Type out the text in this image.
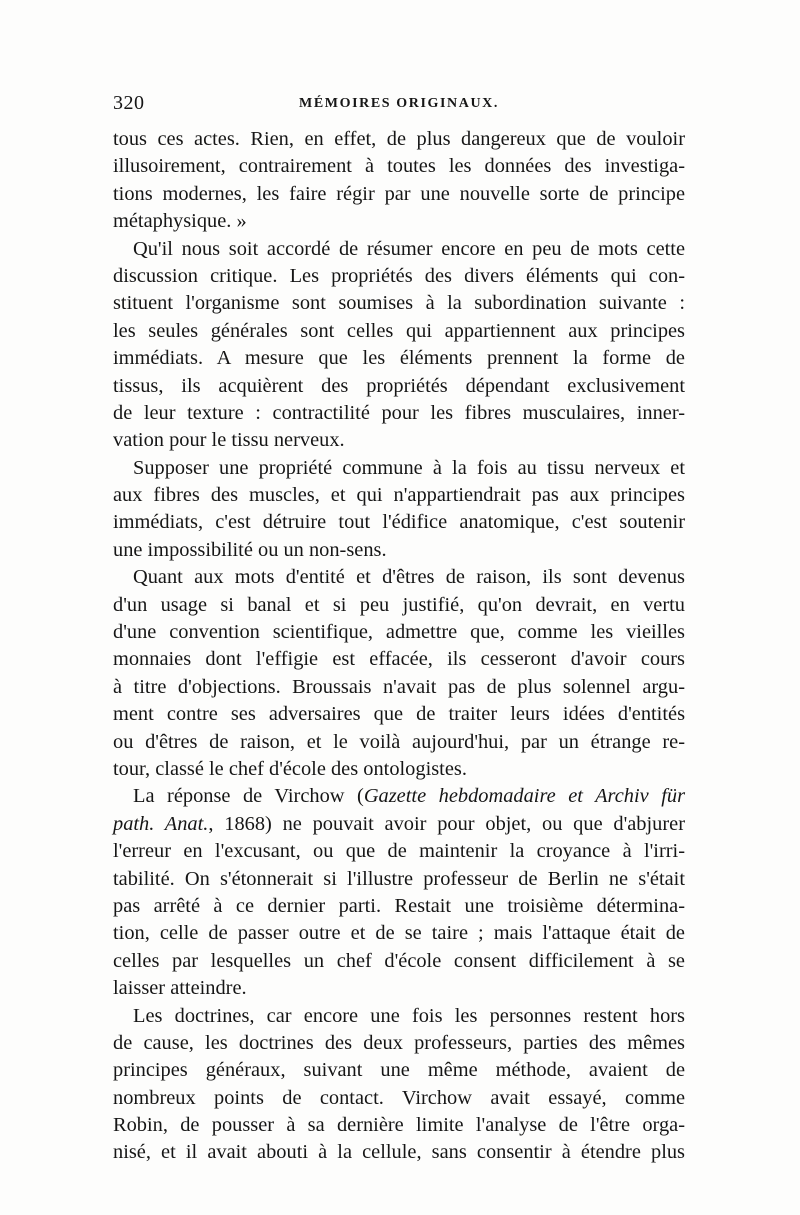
320	MÉMOIRES ORIGINAUX.
tous ces actes. Rien, en effet, de plus dangereux que de vouloir
illusoirement, contrairement à toutes les données des investiga-
tions modernes, les faire régir par une nouvelle sorte de principe
métaphysique. »
Qu'il nous soit accordé de résumer encore en peu de mots cette
discussion critique. Les propriétés des divers éléments qui con-
stituent l'organisme sont soumises à la subordination suivante :
les seules générales sont celles qui appartiennent aux principes
immédiats. A mesure que les éléments prennent la forme de
tissus, ils acquièrent des propriétés dépendant exclusivement
de leur texture : contractilité pour les fibres musculaires, inner-
vation pour le tissu nerveux.
Supposer une propriété commune à la fois au tissu nerveux et
aux fibres des muscles, et qui n'appartiendrait pas aux principes
immédiats, c'est détruire tout l'édifice anatomique, c'est soutenir
une impossibilité ou un non-sens.
Quant aux mots d'entité et d'êtres de raison, ils sont devenus
d'un usage si banal et si peu justifié, qu'on devrait, en vertu
d'une convention scientifique, admettre que, comme les vieilles
monnaies dont l'effigie est effacée, ils cesseront d'avoir cours
à titre d'objections. Broussais n'avait pas de plus solennel argu-
ment contre ses adversaires que de traiter leurs idées d'entités
ou d'êtres de raison, et le voilà aujourd'hui, par un étrange re-
tour, classé le chef d'école des ontologistes.
La réponse de Virchow (Gazette hebdomadaire et Archiv für
path. Anat., 1868) ne pouvait avoir pour objet, ou que d'abjurer
l'erreur en l'excusant, ou que de maintenir la croyance à l'irri-
tabilité. On s'étonnerait si l'illustre professeur de Berlin ne s'était
pas arrêté à ce dernier parti. Restait une troisième détermina-
tion, celle de passer outre et de se taire ; mais l'attaque était de
celles par lesquelles un chef d'école consent difficilement à se
laisser atteindre.
Les doctrines, car encore une fois les personnes restent hors
de cause, les doctrines des deux professeurs, parties des mêmes
principes généraux, suivant une même méthode, avaient de
nombreux points de contact. Virchow avait essayé, comme
Robin, de pousser à sa dernière limite l'analyse de l'être orga-
nisé, et il avait abouti à la cellule, sans consentir à étendre plus
